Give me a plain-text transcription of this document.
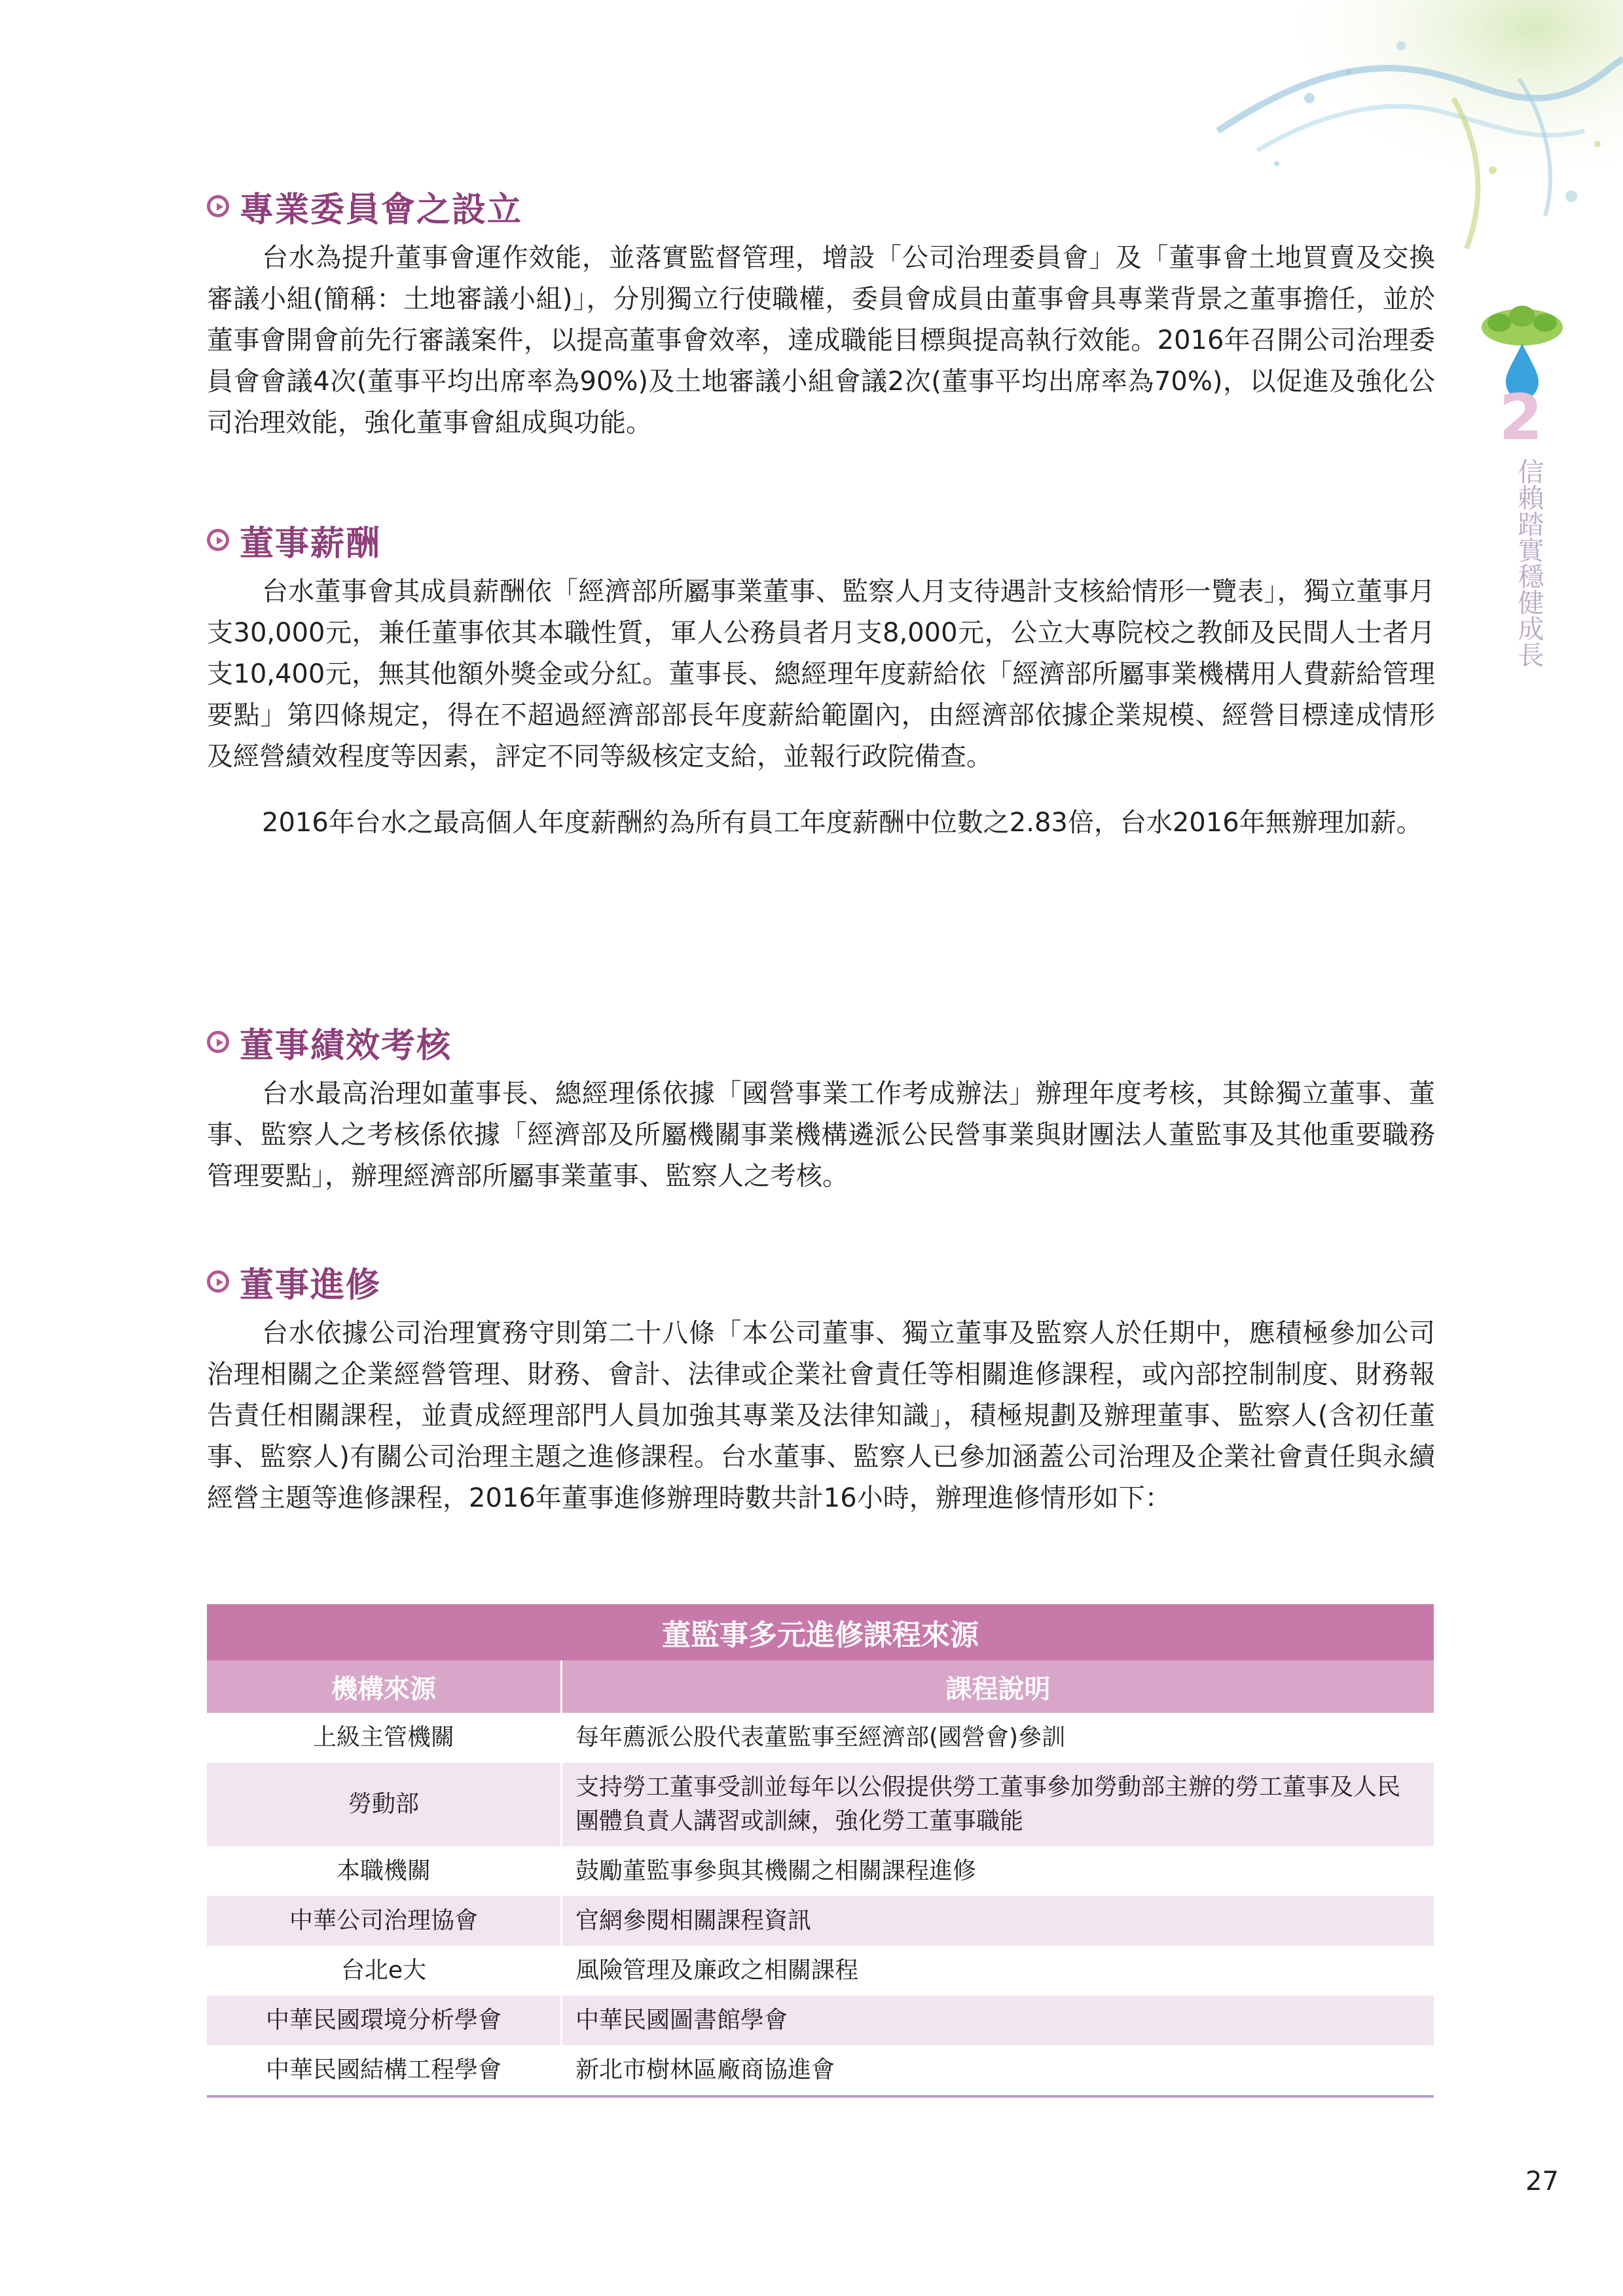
2
信賴踏實穩健成長
專業委員會之設立

台水為提升董事會運作效能，並落實監督管理，增設「公司治理委員會」及「董事會土地買賣及交換審議小組(簡稱：土地審議小組)」，分別獨立行使職權，委員會成員由董事會具專業背景之董事擔任，並於董事會開會前先行審議案件，以提高董事會效率，達成職能目標與提高執行效能。2016年召開公司治理委員會會議4次(董事平均出席率為90%)及土地審議小組會議2次(董事平均出席率為70%)，以促進及強化公司治理效能，強化董事會組成與功能。

董事薪酬

台水董事會其成員薪酬依「經濟部所屬事業董事、監察人月支待遇計支核給情形一覽表」，獨立董事月支30,000元，兼任董事依其本職性質，軍人公務員者月支8,000元，公立大專院校之教師及民間人士者月支10,400元，無其他額外獎金或分紅。董事長、總經理年度薪給依「經濟部所屬事業機構用人費薪給管理要點」第四條規定，得在不超過經濟部部長年度薪給範圍內，由經濟部依據企業規模、經營目標達成情形及經營績效程度等因素，評定不同等級核定支給，並報行政院備查。

2016年台水之最高個人年度薪酬約為所有員工年度薪酬中位數之2.83倍，台水2016年無辦理加薪。

董事績效考核

台水最高治理如董事長、總經理係依據「國營事業工作考成辦法」辦理年度考核，其餘獨立董事、董事、監察人之考核係依據「經濟部及所屬機關事業機構遴派公民營事業與財團法人董監事及其他重要職務管理要點」，辦理經濟部所屬事業董事、監察人之考核。

董事進修

台水依據公司治理實務守則第二十八條「本公司董事、獨立董事及監察人於任期中，應積極參加公司治理相關之企業經營管理、財務、會計、法律或企業社會責任等相關進修課程，或內部控制制度、財務報告責任相關課程，並責成經理部門人員加強其專業及法律知識」，積極規劃及辦理董事、監察人(含初任董事、監察人)有關公司治理主題之進修課程。台水董事、監察人已參加涵蓋公司治理及企業社會責任與永續經營主題等進修課程，2016年董事進修辦理時數共計16小時，辦理進修情形如下：

董監事多元進修課程來源	
機構來源	課程說明
上級主管機關	每年薦派公股代表董監事至經濟部(國營會)參訓
勞動部	支持勞工董事受訓並每年以公假提供勞工董事參加勞動部主辦的勞工董事及人民團體負責人講習或訓練，強化勞工董事職能
本職機關	鼓勵董監事參與其機關之相關課程進修
中華公司治理協會	官網參閱相關課程資訊
台北e大	風險管理及廉政之相關課程
中華民國環境分析學會	中華民國圖書館學會
中華民國結構工程學會	新北市樹林區廠商協進會
27
